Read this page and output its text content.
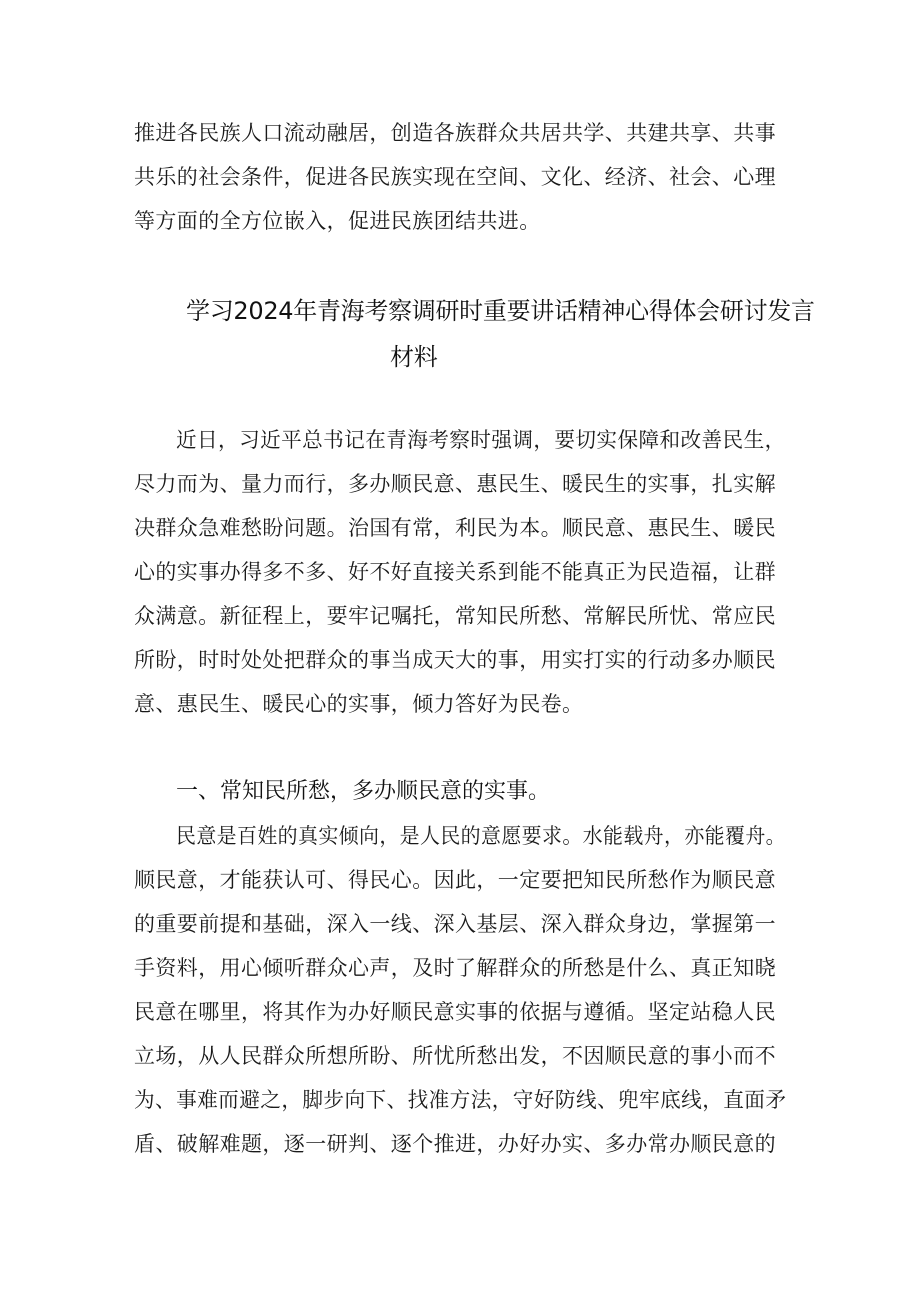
推进各民族人口流动融居，创造各族群众共居共学、共建共享、共事
共乐的社会条件，促进各民族实现在空间、文化、经济、社会、心理
等方面的全方位嵌入，促进民族团结共进。
学习2024年青海考察调研时重要讲话精神心得体会研讨发言
材料
近日，习近平总书记在青海考察时强调，要切实保障和改善民生，
尽力而为、量力而行，多办顺民意、惠民生、暖民生的实事，扎实解
决群众急难愁盼问题。治国有常，利民为本。顺民意、惠民生、暖民
心的实事办得多不多、好不好直接关系到能不能真正为民造福，让群
众满意。新征程上，要牢记嘱托，常知民所愁、常解民所忧、常应民
所盼，时时处处把群众的事当成天大的事，用实打实的行动多办顺民
意、惠民生、暖民心的实事，倾力答好为民卷。
一、常知民所愁，多办顺民意的实事。
民意是百姓的真实倾向，是人民的意愿要求。水能载舟，亦能覆舟。
顺民意，才能获认可、得民心。因此，一定要把知民所愁作为顺民意
的重要前提和基础，深入一线、深入基层、深入群众身边，掌握第一
手资料，用心倾听群众心声，及时了解群众的所愁是什么、真正知晓
民意在哪里，将其作为办好顺民意实事的依据与遵循。坚定站稳人民
立场，从人民群众所想所盼、所忧所愁出发，不因顺民意的事小而不
为、事难而避之，脚步向下、找准方法，守好防线、兜牢底线，直面矛
盾、破解难题，逐一研判、逐个推进，办好办实、多办常办顺民意的
